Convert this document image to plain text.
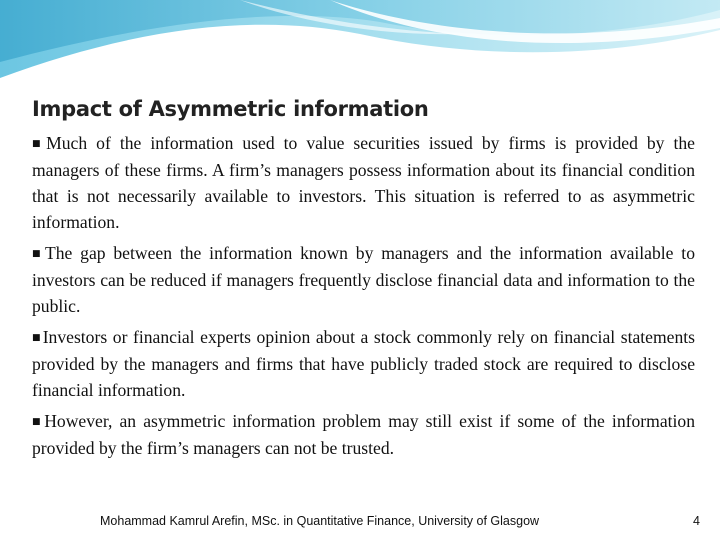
Impact of Asymmetric information

■Much of the information used to value securities issued by firms is provided by the managers of these firms. A firm’s managers possess information about its financial condition that is not necessarily available to investors. This situation is referred to as asymmetric information.

■The gap between the information known by managers and the information available to investors can be reduced if managers frequently disclose financial data and information to the public.

■Investors or financial experts opinion about a stock commonly rely on financial statements provided by the managers and firms that have publicly traded stock are required to disclose financial information.

■However, an asymmetric information problem may still exist if some of the information provided by the firm’s managers can not be trusted.

Mohammad Kamrul Arefin, MSc. in Quantitative Finance, University of Glasgow	4
